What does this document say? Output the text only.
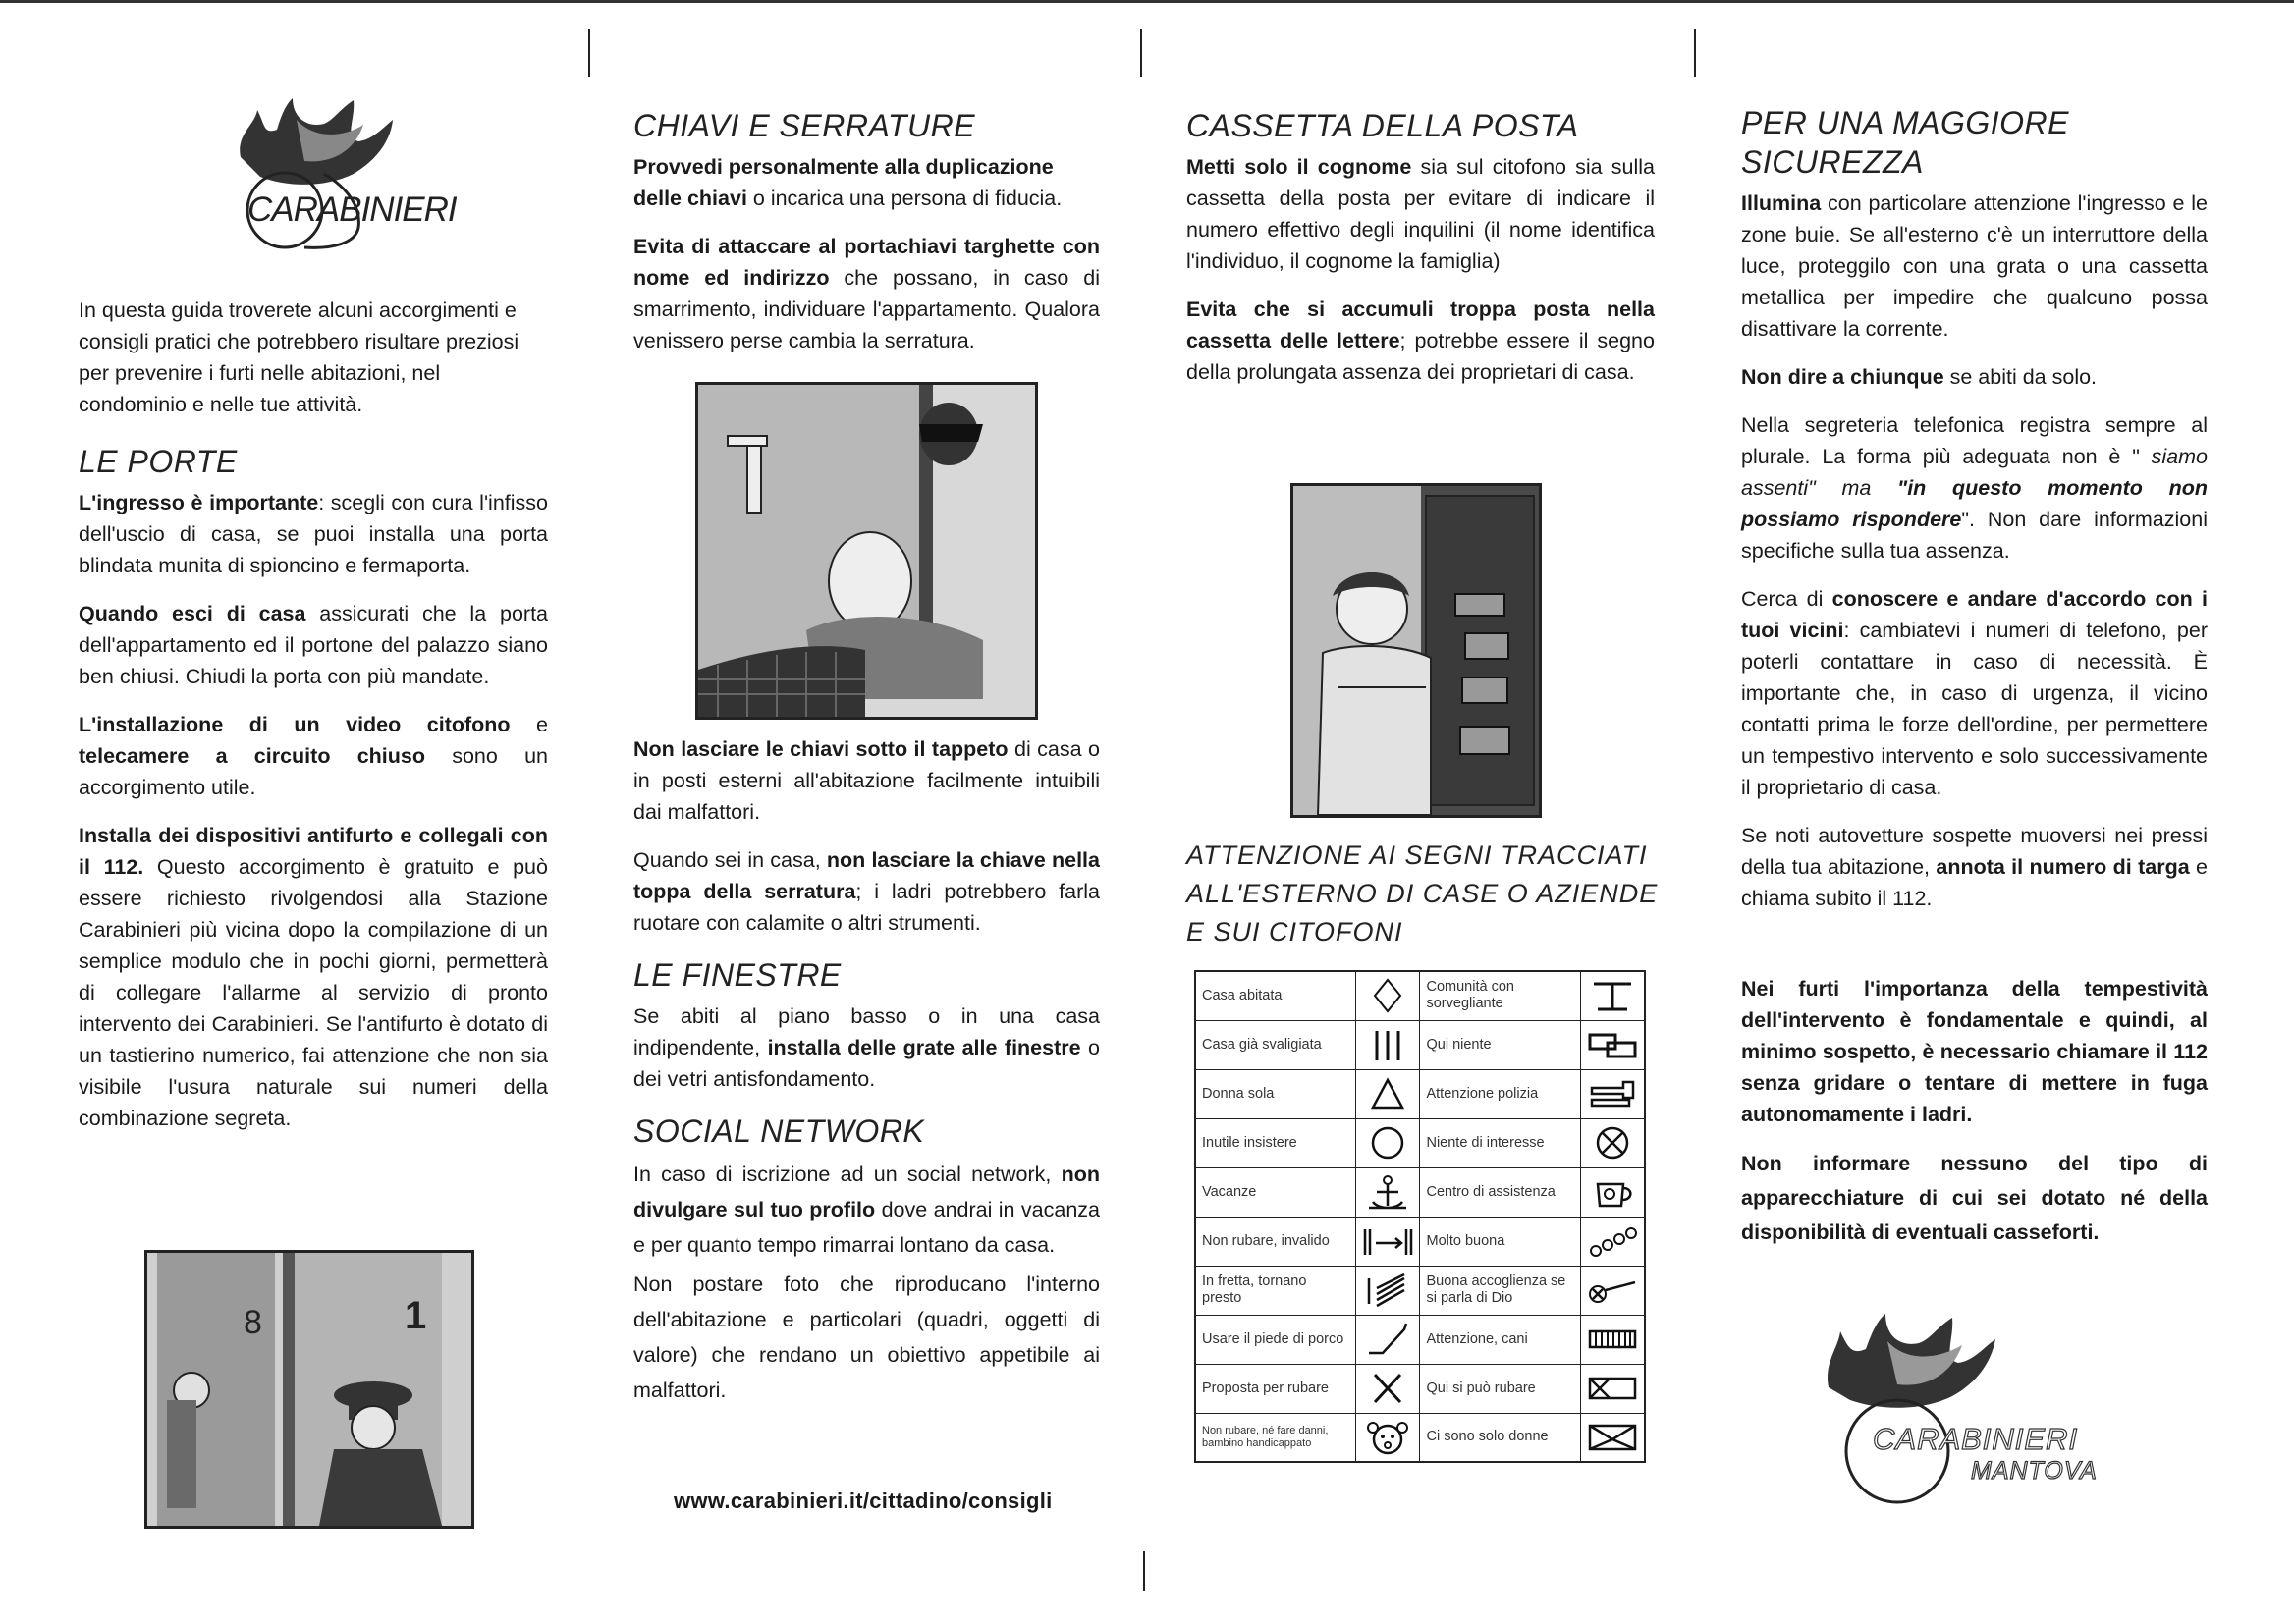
CARABINIERI

In questa guida troverete alcuni accorgimenti e consigli pratici che potrebbero risultare preziosi per prevenire i furti nelle abitazioni, nel condominio e nelle tue attività.

LE PORTE

L'ingresso è importante: scegli con cura l'infisso dell'uscio di casa, se puoi installa una porta blindata munita di spioncino e fermaporta.

Quando esci di casa assicurati che la porta dell'appartamento ed il portone del palazzo siano ben chiusi. Chiudi la porta con più mandate.

L'installazione di un video citofono e telecamere a circuito chiuso sono un accorgimento utile.

Installa dei dispositivi antifurto e collegali con il 112. Questo accorgimento è gratuito e può essere richiesto rivolgendosi alla Stazione Carabinieri più vicina dopo la compilazione di un semplice modulo che in pochi giorni, permetterà di collegare l'allarme al servizio di pronto intervento dei Carabinieri. Se l'antifurto è dotato di un tastierino numerico, fai attenzione che non sia visibile l'usura naturale sui numeri della combinazione segreta.

8	1
CHIAVI E SERRATURE

Provvedi personalmente alla duplicazione delle chiavi o incarica una persona di fiducia.

Evita di attaccare al portachiavi targhette con nome ed indirizzo che possano, in caso di smarrimento, individuare l'appartamento. Qualora venissero perse cambia la serratura.

Non lasciare le chiavi sotto il tappeto di casa o in posti esterni all'abitazione facilmente intuibili dai malfattori.

Quando sei in casa, non lasciare la chiave nella toppa della serratura; i ladri potrebbero farla ruotare con calamite o altri strumenti.

LE FINESTRE

Se abiti al piano basso o in una casa indipendente, installa delle grate alle finestre o dei vetri antisfondamento.

SOCIAL NETWORK

In caso di iscrizione ad un social network, non divulgare sul tuo profilo dove andrai in vacanza e per quanto tempo rimarrai lontano da casa.

Non postare foto che riproducano l'interno dell'abitazione e particolari (quadri, oggetti di valore) che rendano un obiettivo appetibile ai malfattori.

www.carabinieri.it/cittadino/consigli
CASSETTA DELLA POSTA

Metti solo il cognome sia sul citofono sia sulla cassetta della posta per evitare di indicare il numero effettivo degli inquilini (il nome identifica l'individuo, il cognome la famiglia)

Evita che si accumuli troppa posta nella cassetta delle lettere; potrebbe essere il segno della prolungata assenza dei proprietari di casa.

ATTENZIONE AI SEGNI TRACCIATI
ALL'ESTERNO DI CASE O AZIENDE
E SUI CITOFONI
Casa abitata		Comunità con sorvegliante	

Casa già svaligiata		Qui niente	

Donna sola		Attenzione polizia	

Inutile insistere		Niente di interesse	

Vacanze		Centro di assistenza	

Non rubare, invalido		Molto buona	

In fretta, tornano presto		Buona accoglienza se si parla di Dio	

Usare il piede di porco		Attenzione, cani	

Proposta per rubare		Qui si può rubare	

Non rubare, né fare danni, bambino handicappato		Ci sono solo donne	
PER UNA MAGGIORE SICUREZZA

Illumina con particolare attenzione l'ingresso e le zone buie. Se all'esterno c'è un interruttore della luce, proteggilo con una grata o una cassetta metallica per impedire che qualcuno possa disattivare la corrente.

Non dire a chiunque se abiti da solo.

Nella segreteria telefonica registra sempre al plurale. La forma più adeguata non è " siamo assenti" ma "in questo momento non possiamo rispondere". Non dare informazioni specifiche sulla tua assenza.

Cerca di conoscere e andare d'accordo con i tuoi vicini: cambiatevi i numeri di telefono, per poterli contattare in caso di necessità. È importante che, in caso di urgenza, il vicino contatti prima le forze dell'ordine, per permettere un tempestivo intervento e solo successivamente il proprietario di casa.

Se noti autovetture sospette muoversi nei pressi della tua abitazione, annota il numero di targa e chiama subito il 112.

Nei furti l'importanza della tempestività dell'intervento è fondamentale e quindi, al minimo sospetto, è necessario chiamare il 112 senza gridare o tentare di mettere in fuga autonomamente i ladri.

Non informare nessuno del tipo di apparecchiature di cui sei dotato né della disponibilità di eventuali casseforti.

CARABINIERI
MANTOVA
